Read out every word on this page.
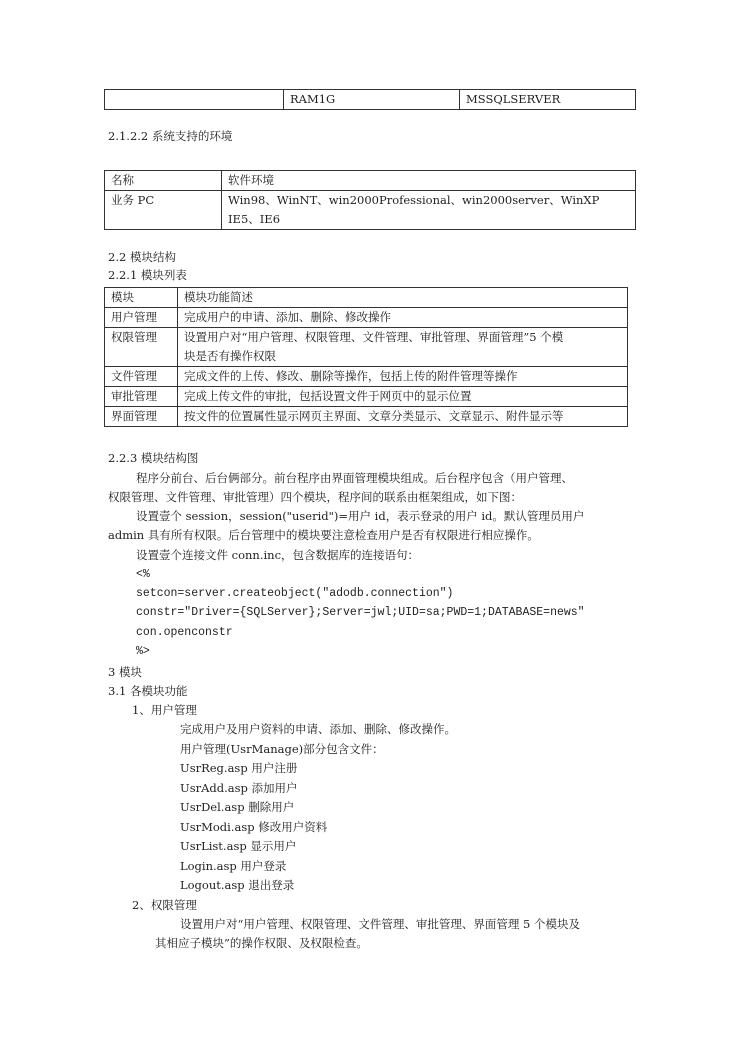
	RAM1G	MSSQLSERVER
2.1.2.2 系统支持的环境
名称	软件环境
业务 PC	Win98、WinNT、win2000Professional、win2000server、WinXP
IE5、IE6
2.2 模块结构
2.2.1 模块列表
模块	模块功能简述
用户管理	完成用户的申请、添加、删除、修改操作
权限管理	设置用户对“用户管理、权限管理、文件管理、审批管理、界面管理”5 个模
块是否有操作权限

文件管理	完成文件的上传、修改、删除等操作，包括上传的附件管理等操作
审批管理	完成上传文件的审批，包括设置文件于网页中的显示位置
界面管理	按文件的位置属性显示网页主界面、文章分类显示、文章显示、附件显示等
2.2.3 模块结构图
程序分前台、后台俩部分。前台程序由界面管理模块组成。后台程序包含（用户管理、
权限管理、文件管理、审批管理）四个模块，程序间的联系由框架组成，如下图：
设置壹个 session，session("userid")=用户 id，表示登录的用户 id。默认管理员用户
admin 具有所有权限。后台管理中的模块要注意检查用户是否有权限进行相应操作。
设置壹个连接文件 conn.inc，包含数据库的连接语句：
<%
setcon=server.createobject("adodb.connection")
constr="Driver={SQLServer};Server=jwl;UID=sa;PWD=1;DATABASE=news"
con.openconstr
%>
3 模块
3.1 各模块功能
1、用户管理
完成用户及用户资料的申请、添加、删除、修改操作。
用户管理(UsrManage)部分包含文件：
UsrReg.asp 用户注册
UsrAdd.asp 添加用户
UsrDel.asp 删除用户
UsrModi.asp 修改用户资料
UsrList.asp 显示用户
Login.asp 用户登录
Logout.asp 退出登录
2、权限管理
设置用户对“用户管理、权限管理、文件管理、审批管理、界面管理 5 个模块及
其相应子模块”的操作权限、及权限检查。
